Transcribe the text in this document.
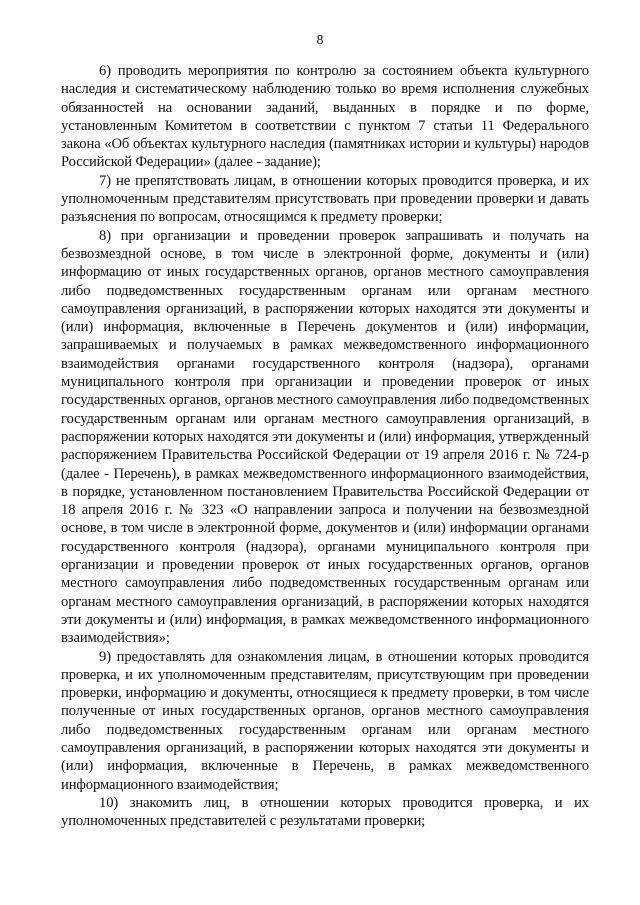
8

6) проводить мероприятия по контролю за состоянием объекта культурного наследия и систематическому наблюдению только во время исполнения служебных обязанностей на основании заданий, выданных в порядке и по форме, установленным Комитетом в соответствии с пунктом 7 статьи 11 Федерального закона «Об объектах культурного наследия (памятниках истории и культуры) народов Российской Федерации» (далее - задание);

7) не препятствовать лицам, в отношении которых проводится проверка, и их уполномоченным представителям присутствовать при проведении проверки и давать разъяснения по вопросам, относящимся к предмету проверки;

8) при организации и проведении проверок запрашивать и получать на безвозмездной основе, в том числе в электронной форме, документы и (или) информацию от иных государственных органов, органов местного самоуправления либо подведомственных государственным органам или органам местного самоуправления организаций, в распоряжении которых находятся эти документы и (или) информация, включенные в Перечень документов и (или) информации, запрашиваемых и получаемых в рамках межведомственного информационного взаимодействия органами государственного контроля (надзора), органами муниципального контроля при организации и проведении проверок от иных государственных органов, органов местного самоуправления либо подведомственных государственным органам или органам местного самоуправления организаций, в распоряжении которых находятся эти документы и (или) информация, утвержденный распоряжением Правительства Российской Федерации от 19 апреля 2016 г. № 724-р (далее - Перечень), в рамках межведомственного информационного взаимодействия, в порядке, установленном постановлением Правительства Российской Федерации от 18 апреля 2016 г. № 323 «О направлении запроса и получении на безвозмездной основе, в том числе в электронной форме, документов и (или) информации органами государственного контроля (надзора), органами муниципального контроля при организации и проведении проверок от иных государственных органов, органов местного самоуправления либо подведомственных государственным органам или органам местного самоуправления организаций, в распоряжении которых находятся эти документы и (или) информация, в рамках межведомственного информационного взаимодействия»;

9) предоставлять для ознакомления лицам, в отношении которых проводится проверка, и их уполномоченным представителям, присутствующим при проведении проверки, информацию и документы, относящиеся к предмету проверки, в том числе полученные от иных государственных органов, органов местного самоуправления либо подведомственных государственным органам или органам местного самоуправления организаций, в распоряжении которых находятся эти документы и (или) информация, включенные в Перечень, в рамках межведомственного информационного взаимодействия;

10) знакомить лиц, в отношении которых проводится проверка, и их уполномоченных представителей с результатами проверки;
